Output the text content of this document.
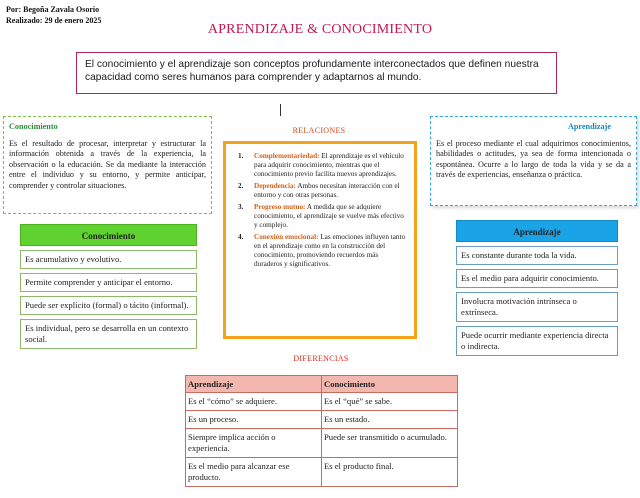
Por: Begoña Zavala Osorio
Realizado: 29 de enero 2025
APRENDIZAJE & CONOCIMIENTO
El conocimiento y el aprendizaje son conceptos profundamente interconectados que definen nuestra capacidad como seres humanos para comprender y adaptarnos al mundo.
Conocimiento
Es el resultado de procesar, interpretar y estructurar la información obtenida a través de la experiencia, la observación o la educación. Se da mediante la interacción entre el individuo y su entorno, y permite anticipar, comprender y controlar situaciones.
Aprendizaje
Es el proceso mediante el cual adquirimos conocimientos, habilidades o actitudes, ya sea de forma intencionada o espontánea. Ocurre a lo largo de toda la vida y se da a través de experiencias, enseñanza o práctica.
Conocimiento
Es acumulativo y evolutivo.
Permite comprender y anticipar el entorno.
Puede ser explícito (formal) o tácito (informal).
Es individual, pero se desarrolla en un contexto social.
Aprendizaje
Es constante durante toda la vida.
Es el medio para adquirir conocimiento.
Involucra motivación intrínseca o extrínseca.
Puede ocurrir mediante experiencia directa o indirecta.
RELACIONES
1.	Complementariedad: El aprendizaje es el vehículo para adquirir conocimiento, mientras que el conocimiento previo facilita nuevos aprendizajes.
2.	Dependencia: Ambos necesitan interacción con el entorno y con otras personas.
3.	Progreso mutuo: A medida que se adquiere conocimiento, el aprendizaje se vuelve más efectivo y complejo.
4.	Conexión emocional: Las emociones influyen tanto en el aprendizaje como en la construcción del conocimiento, promoviendo recuerdos más duraderos y significativos.
DIFERENCIAS
Aprendizaje	Conocimiento
Es el “cómo” se adquiere.	Es el “qué” se sabe.
Es un proceso.	Es un estado.
Siempre implica acción o experiencia.	Puede ser transmitido o acumulado.
Es el medio para alcanzar ese producto.	Es el producto final.
